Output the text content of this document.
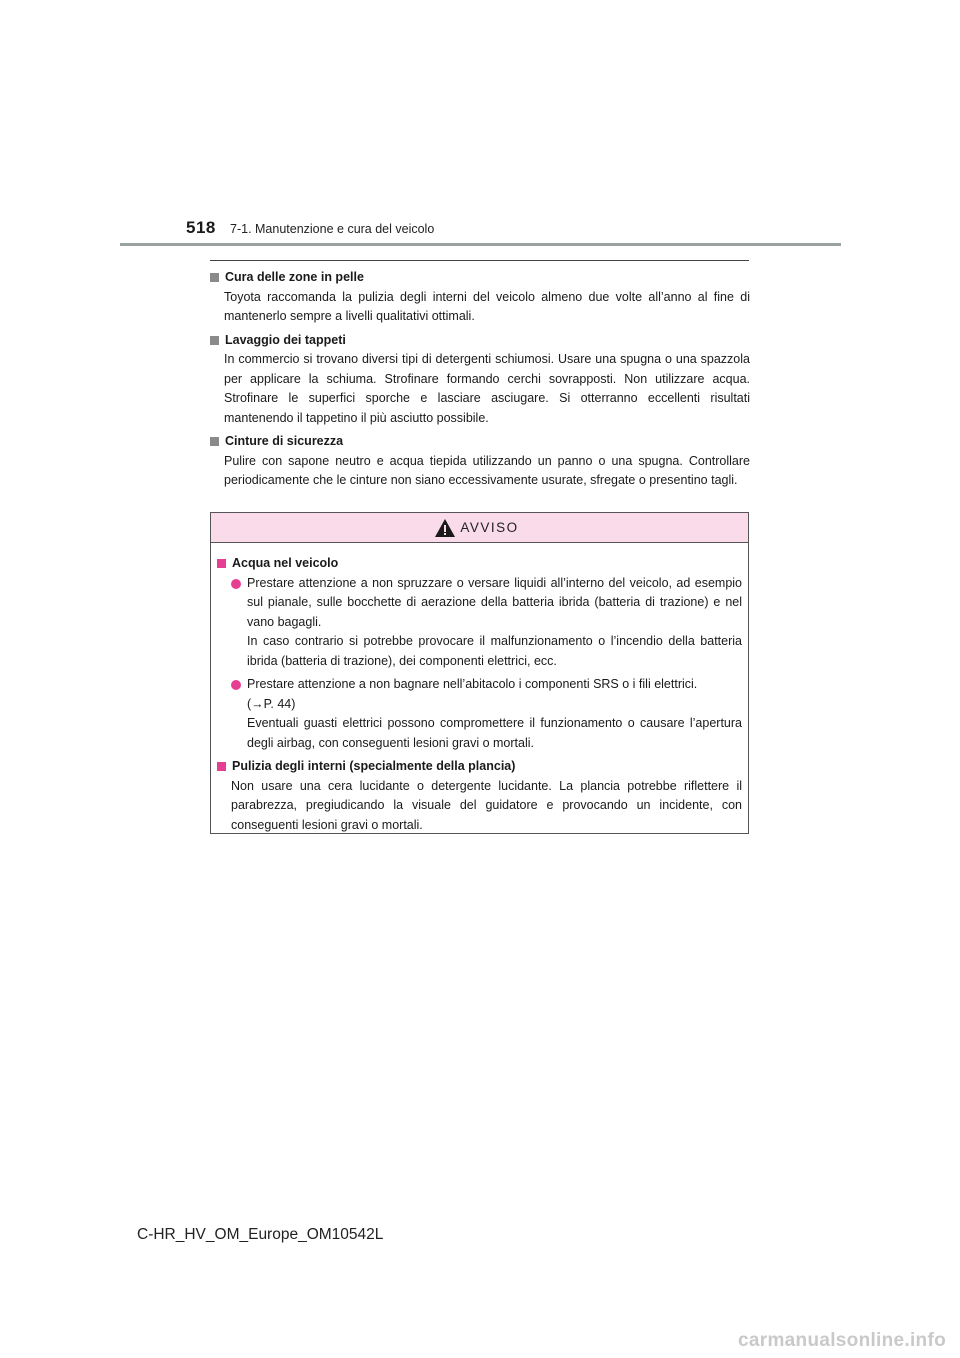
518 7-1. Manutenzione e cura del veicolo
Cura delle zone in pelle
Toyota raccomanda la pulizia degli interni del veicolo almeno due volte all’anno al fine di mantenerlo sempre a livelli qualitativi ottimali.
Lavaggio dei tappeti
In commercio si trovano diversi tipi di detergenti schiumosi. Usare una spugna o una spazzola per applicare la schiuma. Strofinare formando cerchi sovrapposti. Non utilizzare acqua. Strofinare le superfici sporche e lasciare asciugare. Si otterranno eccellenti risultati mantenendo il tappetino il più asciutto possibile.
Cinture di sicurezza
Pulire con sapone neutro e acqua tiepida utilizzando un panno o una spugna. Controllare periodicamente che le cinture non siano eccessivamente usurate, sfregate o presentino tagli.
AVVISO
Acqua nel veicolo
Prestare attenzione a non spruzzare o versare liquidi all’interno del veicolo, ad esempio sul pianale, sulle bocchette di aerazione della batteria ibrida (batteria di trazione) e nel vano bagagli.
In caso contrario si potrebbe provocare il malfunzionamento o l’incendio della batteria ibrida (batteria di trazione), dei componenti elettrici, ecc.
Prestare attenzione a non bagnare nell’abitacolo i componenti SRS o i fili elettrici.
(→P. 44)
Eventuali guasti elettrici possono compromettere il funzionamento o causare l’apertura degli airbag, con conseguenti lesioni gravi o mortali.
Pulizia degli interni (specialmente della plancia)
Non usare una cera lucidante o detergente lucidante. La plancia potrebbe riflettere il parabrezza, pregiudicando la visuale del guidatore e provocando un incidente, con conseguenti lesioni gravi o mortali.
C-HR_HV_OM_Europe_OM10542L
carmanualsonline.info
